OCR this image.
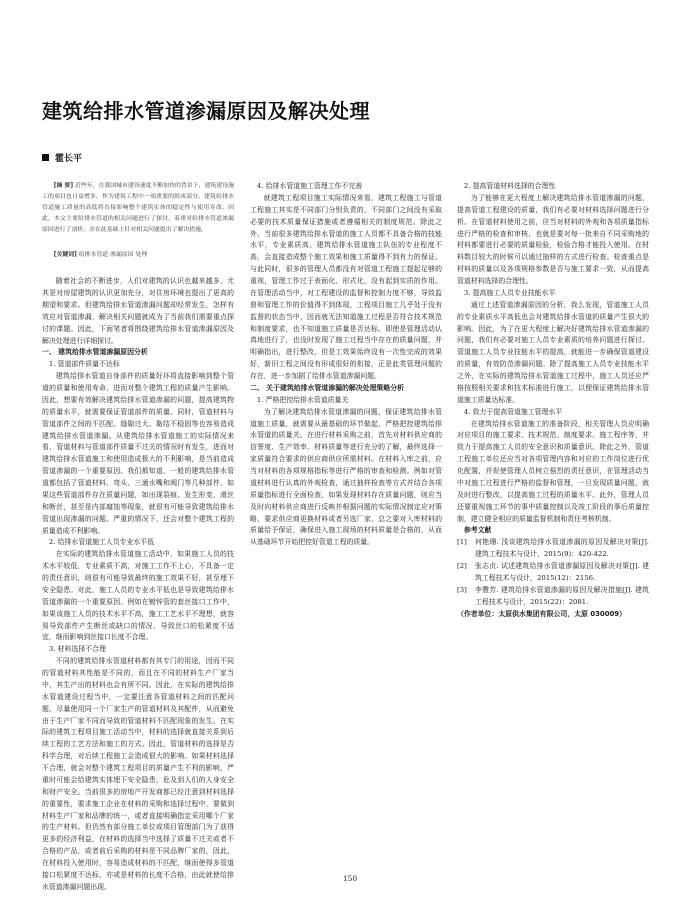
建筑给排水管道渗漏原因及解决处理
霍长平

[摘 要] 近些年，在我国城市建设速度不断加快的背景下，建筑建设施工的项目也日益增多。作为建筑工程中一项重要的组成部分，建筑给排水管道施工质量的高低将直接影响整个建筑实体的稳定性与使用寿命。因此，本文主要给排水管道的相关问题进行了探讨，着重对给排水管道渗漏原因进行了剖析，并在此基础上针对相关问题提出了解决措施。

[关键词] 给排水管道 渗漏原因 处理

随着社会的不断进步，人们对建筑的认识也越来越多，尤其是对房屋建筑的认识更加充分，对住房环境也提出了更高的期望和要求。但建筑给排水管道渗漏问题却经常发生，怎样有效应对管道渗漏，解决相关问题就成为了当前我们需要重点探讨的课题。因此，下面笔者将围绕建筑给排水管道渗漏原因及解决处理进行详细探讨。

一、 建筑给排水管道渗漏原因分析

1. 管道部件质量不达标

建筑给排水管道自身部件的质量好坏将直接影响到整个管道的质量和使用寿命，进而对整个建筑工程的质量产生影响。因此，想要有效解决建筑给排水管道渗漏的问题，提高建筑物的质量水平，就需要保证管道部件的质量。同时，管道材料与管道部件之间的不匹配、缝隙过大、黏结不稳固等也容易造成建筑给排水管道渗漏。从建筑给排水管道施工的实际情况来看，管道材料与管道部件质量不过关的情况时有发生，进而对建筑给排水管道施工和使用造成极大的不利影响，是当前造成管道渗漏的一个重要原因。我们都知道，一般的建筑给排水管道都包括了管道材料、弯头、三通水嘴和阀门等几种部件，如果这些管道部件存在质量问题，如出现裂痕、发生形变、滑丝和断丝，甚至是内部腐蚀等现象，就很有可能导致建筑给排水管道出现渗漏的问题。严重的情况下，还会对整个建筑工程的质量造成不利影响。

2. 给排水管道施工人员专业水平低

在实际的建筑给排水管道施工活动中，如果施工人员的技术水平较低，专业素质不高，对施工工作不上心，不具备一定的责任意识，则很有可能导致最终的施工效果不好，甚至埋下安全隐患。对此，施工人员的专业水平低也是导致建筑给排水管道渗漏的一个重要原因。例如在镀锌管的套丝接口工作中，如果该施工人员的技术水平不高，施工工艺水平不理想，就容易导致部件产生断丝或缺口的情况，导致丝口的松紧度不适宜，继而影响到丝接口长度不合理。

3. 材料选择不合理

不同的建筑给排水管道材料都有其专门的用途，因而不同的管道材料其性能是不同的，而且在不同的材料生产厂家当中，其生产出的材料也会有所不同。因此，在实际的建筑给排水管道建设过程当中，一定要注意各管道材料之间的匹配问题，尽量使用同一个厂家生产的管道材料及其配件，从而避免由于生产厂家不同而导致的管道材料不匹配现象的发生。在实际的建筑工程项目施工活动当中，材料的选择就直接关系到后续工程的工艺方法和施工的方式。因此，管道材料的选择是否科学合理，对后续工程施工会造成很大的影响。如果材料选择不合理，就会对整个建筑工程项目的质量产生不利的影响，严重时可能会给建筑实体埋下安全隐患，危及到人们的人身安全和财产安全。当前很多的房地产开发商都已经注意到材料选择的重要性，要求施工企业在材料的采购和选择过程中，要做到材料生产厂家和品牌的统一，或者直接明确指定采用哪个厂家的生产材料。但仍然有部分施工单位或项目管理部门为了获得更多的经济利益，在材料的选择当中选择了质量不过关或者不合格的产品，或者前后采购的材料是不同品牌厂家的，因此，在材料投入使用时，容易造成材料的不匹配，继而使得多管道接口松紧度不达标，亦或是材料的长度不合格，由此就使给排水管道渗漏问题出现。

4. 给排水管道施工管理工作不完善

就建筑工程项目施工实际情况来看，建筑工程施工与管道工程施工其实是不同部门分别负责的，不同部门之间没有采取必要的技术质量保证措施或者遵循相关的制度规范。除此之外，当前很多建筑给排水管道的施工人员都不具备合格的技能水平，专业素质高。建筑给排水管道施工队伍的专业程度不高，会直接造成整个施工效果和施工质量得不到有力的保证。与此同时，很多的管理人员都没有对管道工程施工提起足够的重视，管理工作过于表面化、形式化，没有起到实质的作用。在管理活动当中，对工程建设的监督和控制力度不够，导致监督和管理工作的价值得不到体现，工程项目施工几乎处于没有监督的状态当中，因而就无法知道施工过程是否符合技术规范和制度要求，也不知道施工质量是否达标。即使是管理活动认真地进行了，也没时发现了施工过程当中存在的质量问题，并明确指出，进行整改，但是工效果始终没有一次性完成的效果好，新旧工程之间没有形成很好的衔接，正是此类管理问题的存在，进一步加剧了给排水管道渗漏问题。

二、 关于建筑给排水管道渗漏的解决处理策略分析

1. 严格把控给排水管道质量关

为了解决建筑给排水管道渗漏的问题，保证建筑给排水管道施工质量，就需要从最基础的环节做起，严格把控建筑给排水管道的质量关。在进行材料采购之前，首先对材料供应商的信誉度、生产效率、材料质量等进行充分的了解，最终选择一家质量符合要求的供应商供应所需材料。在材料入库之前，应当对材料的各项规格指标等进行严格的审查和检测。例如对管道材料进行认真的外观检查，通过抽样检查等方式并结合各项质量指标进行全面检查，如果发现材料存在质量问题，则应当及时向材料供应商进行反映并根据问题的实际情况制定应对策略，要求供应商更换材料或者另选厂家。总之要对入库材料的质量给予保证，确保进入施工现场的材料质量是合格的，从而从基础环节开始把控好管道工程的质量。

2. 提高管道材料选择的合理性

为了能够在更大程度上解决建筑给排水管道渗漏的问题，提高管道工程建设的质量，我们有必要对材料选择问题进行分析。在管道材料使用之前，应当对材料的外观和各项质量指标进行严格的检查和审核，也就是要对每一批来自不同采购地的材料都要进行必要的质量检验，检验合格才能投入使用。在材料数目较大的时候可以通过抽样的方式进行检查。检查重点是材料的质量以及各项规格参数是否与施工要求一致，从而提高管道材料选择的合理性。

3. 提高施工人员专业技能水平

通过上述管道渗漏原因的分析，我么发现，管道施工人员的专业素质水平高低也会对建筑给排水管道的质量产生很大的影响。因此，为了在更大程度上解决好建筑给排水管道渗漏的问题，我们有必要对施工人员专业素质的培养问题进行探讨。管道施工人员专业技能水平的提高，就能进一步确保管道建设的质量，有效防范渗漏问题。除了提高施工人员专业技能水平之外，在实际的建筑给排水管道施工过程中，施工人员还应严格按照相关要求和技术标准进行施工，以便保证建筑给排水管道施工质量达标准。

4. 致力于提高管道施工管理水平

在建筑给排水管道施工的准备阶段，相关管理人员应明确对应项目的施工要求、技术规范、制度要求、施工程序等，并致力于提高施工人员的安全意识和质量意识。除此之外，管道工程施工单位还应当对各项管理内容和对应的工作岗位进行优化配置，并促使管理人员树立强烈的责任意识，在管理活动当中对施工过程进行严格的监督和管理，一旦发现质量问题，就及时进行整改，以提高施工过程的质量水平。此外，管理人员还要重视施工环节的事中质量控制以及竣工阶段的事后质量控制，建立健全相应的质量监督机制和责任考核机制。

参考文献

[1] 何艳珊. 浅谈建筑给排水管道渗漏的原因及解决对策[J]. 建筑工程技术与设计，2015(9)：420-422.

[2] 张志贞. 试述建筑给排水管道渗漏原因及解决对策[J]. 建筑工程技术与设计，2015(12)：2156.

[3] 李豐芳. 建筑给排水管道渗漏的原因及解决措施[J]. 建筑工程技术与设计，2015(22)：2081.

（作者单位：太原供水集团有限公司，太原 030009）

150
